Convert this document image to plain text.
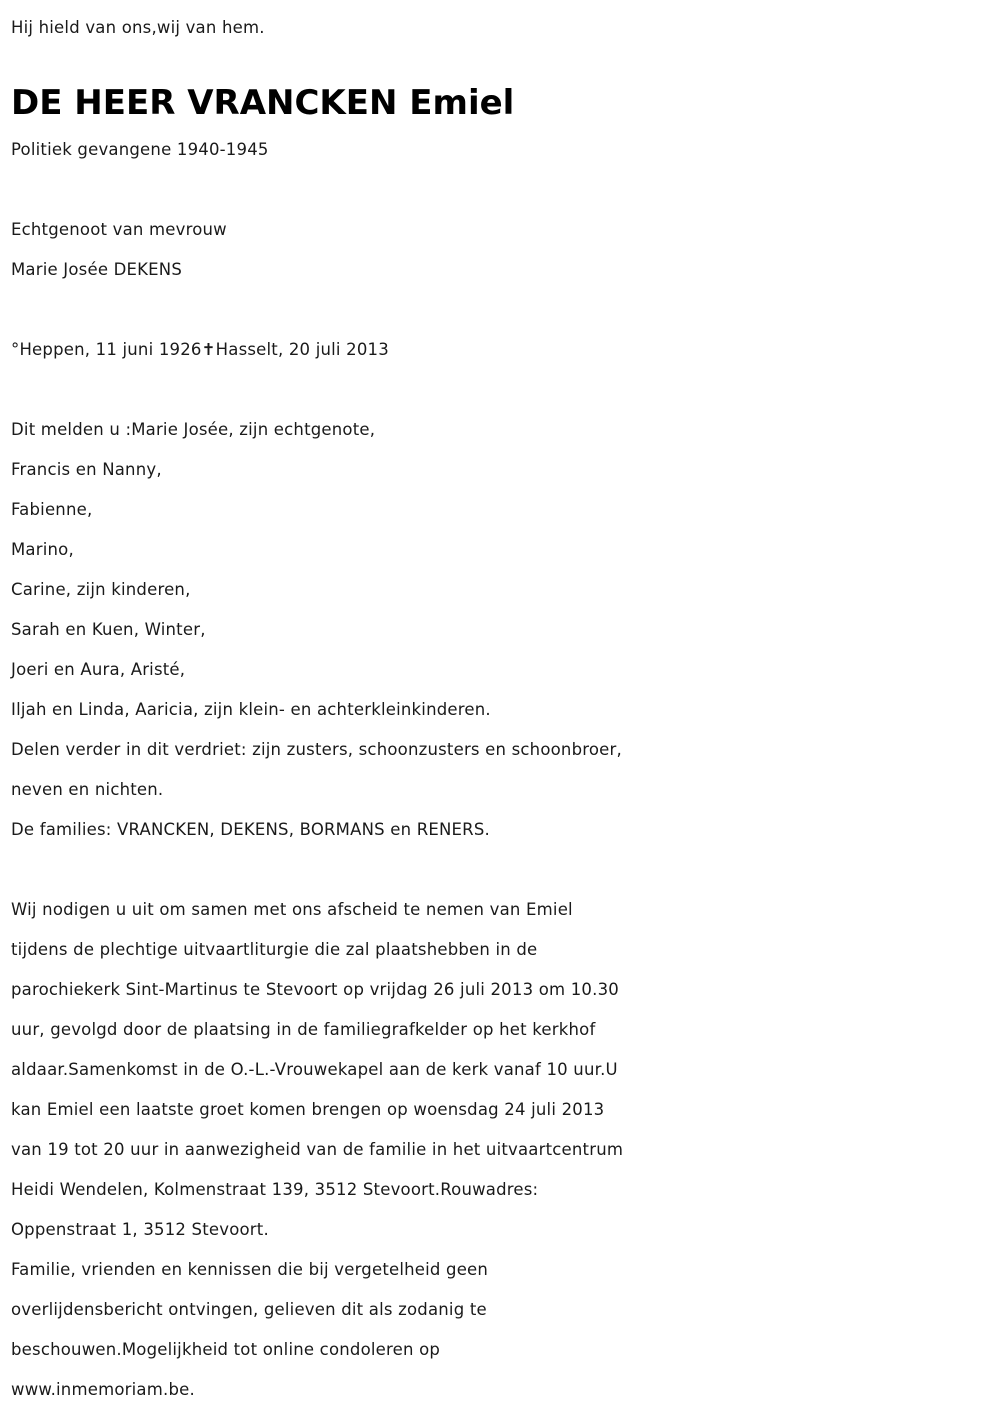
Hij hield van ons,wij van hem.
DE HEER VRANCKEN Emiel
Politiek gevangene 1940-1945
Echtgenoot van mevrouw
Marie Josée DEKENS
°Heppen, 11 juni 1926✝Hasselt, 20 juli 2013
Dit melden u :Marie Josée, zijn echtgenote,
Francis en Nanny,
Fabienne,
Marino,
Carine, zijn kinderen,
Sarah en Kuen, Winter,
Joeri en Aura, Aristé,
Iljah en Linda, Aaricia, zijn klein- en achterkleinkinderen.
Delen verder in dit verdriet: zijn zusters, schoonzusters en schoonbroer,
neven en nichten.
De families: VRANCKEN, DEKENS, BORMANS en RENERS.
Wij nodigen u uit om samen met ons afscheid te nemen van Emiel
tijdens de plechtige uitvaartliturgie die zal plaatshebben in de
parochiekerk Sint-Martinus te Stevoort op vrijdag 26 juli 2013 om 10.30
uur, gevolgd door de plaatsing in de familiegrafkelder op het kerkhof
aldaar.Samenkomst in de O.-L.-Vrouwekapel aan de kerk vanaf 10 uur.U
kan Emiel een laatste groet komen brengen op woensdag 24 juli 2013
van 19 tot 20 uur in aanwezigheid van de familie in het uitvaartcentrum
Heidi Wendelen, Kolmenstraat 139, 3512 Stevoort.Rouwadres:
Oppenstraat 1, 3512 Stevoort.
Familie, vrienden en kennissen die bij vergetelheid geen
overlijdensbericht ontvingen, gelieven dit als zodanig te
beschouwen.Mogelijkheid tot online condoleren op
www.inmemoriam.be.
